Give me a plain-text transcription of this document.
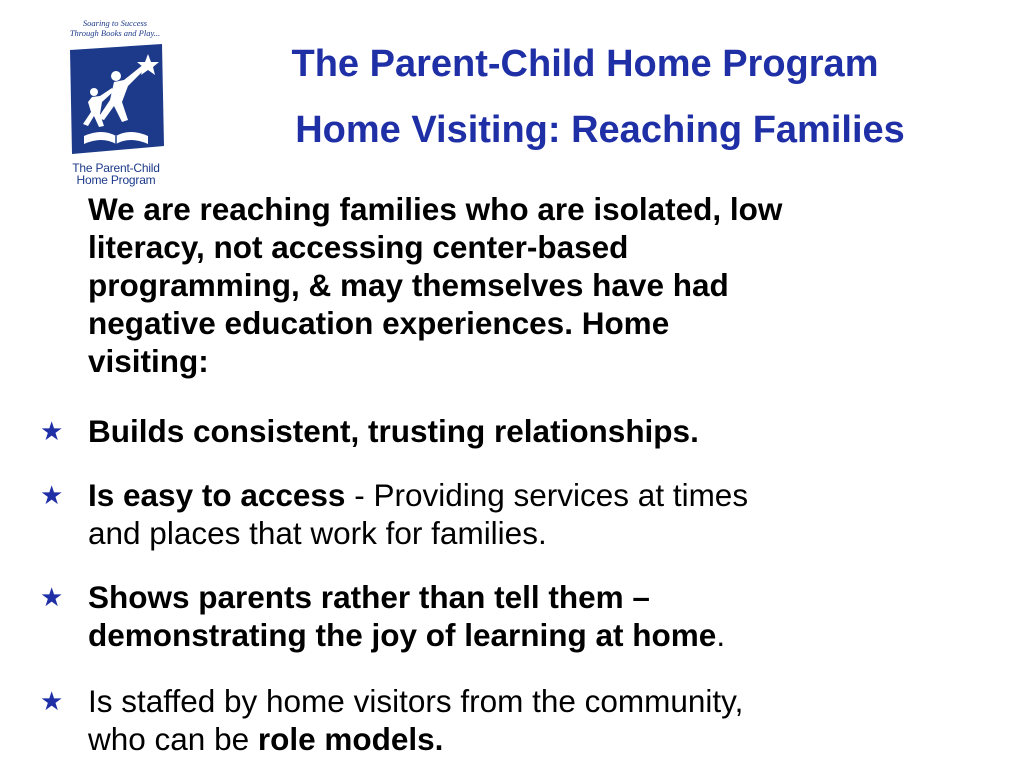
Soaring to Success
Through Books and Play...
The Parent-Child
Home Program
The Parent-Child Home Program
Home Visiting: Reaching Families
We are reaching families who are isolated, low
literacy, not accessing center-based
programming, & may themselves have had
negative education experiences. Home
visiting:
★ Builds consistent, trusting relationships.
★ Is easy to access - Providing services at times
and places that work for families.
★ Shows parents rather than tell them –
demonstrating the joy of learning at home.
★ Is staffed by home visitors from the community,
who can be role models.
